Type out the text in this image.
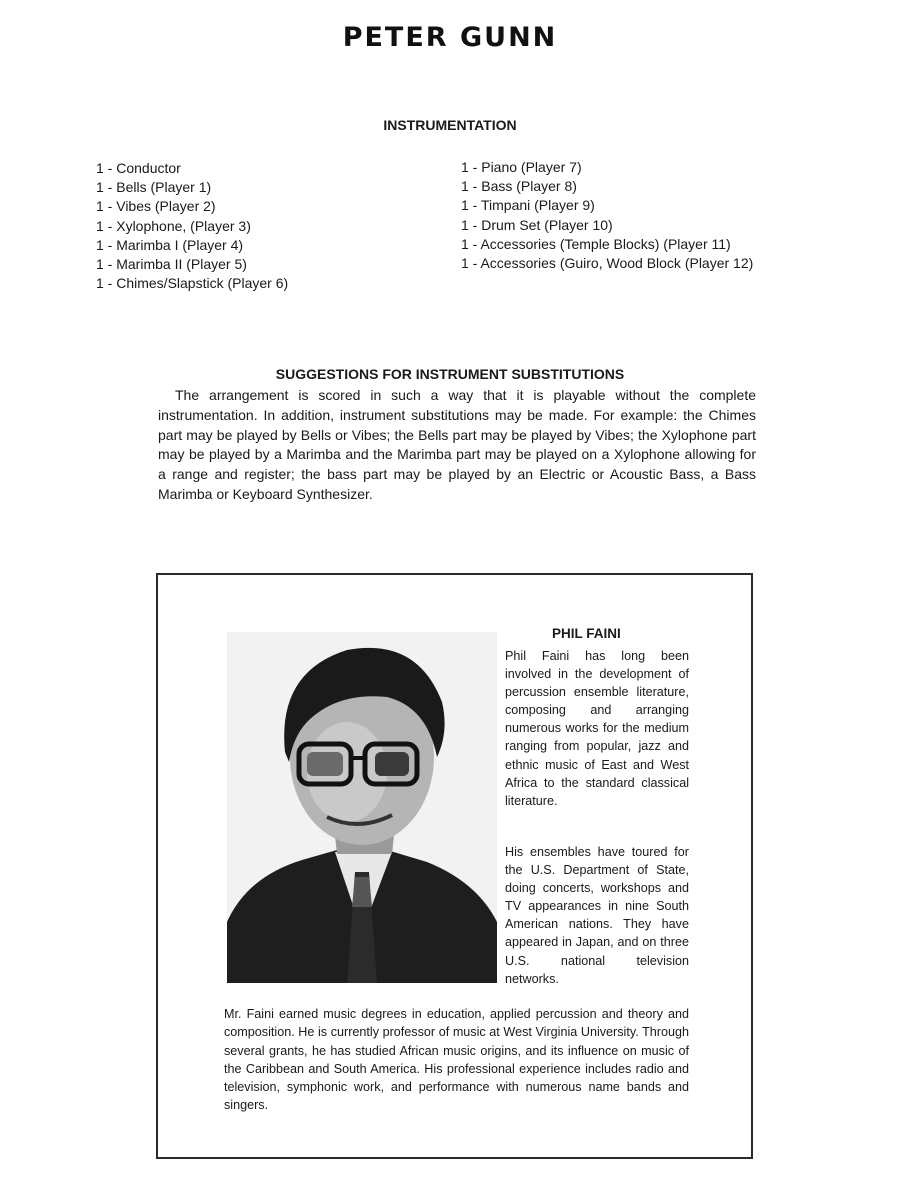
PETER GUNN
INSTRUMENTATION
1 - Conductor
1 - Bells (Player 1)
1 - Vibes (Player 2)
1 - Xylophone, (Player 3)
1 - Marimba I (Player 4)
1 - Marimba II (Player 5)
1 - Chimes/Slapstick (Player 6)
1 - Piano (Player 7)
1 - Bass (Player 8)
1 - Timpani (Player 9)
1 - Drum Set (Player 10)
1 - Accessories (Temple Blocks) (Player 11)
1 - Accessories (Guiro, Wood Block (Player 12)
SUGGESTIONS FOR INSTRUMENT SUBSTITUTIONS

The arrangement is scored in such a way that it is playable without the complete instrumentation. In addition, instrument substitutions may be made. For example: the Chimes part may be played by Bells or Vibes; the Bells part may be played by Vibes; the Xylophone part may be played by a Marimba and the Marimba part may be played on a Xylophone allowing for a range and register; the bass part may be played by an Electric or Acoustic Bass, a Bass Marimba or Keyboard Synthesizer.

PHIL FAINI

Phil Faini has long been involved in the development of percussion ensemble literature, composing and arranging numerous works for the medium ranging from popular, jazz and ethnic music of East and West Africa to the standard classical literature.

His ensembles have toured for the U.S. Department of State, doing concerts, workshops and TV appearances in nine South American nations. They have appeared in Japan, and on three U.S. national television networks.

Mr. Faini earned music degrees in education, applied percussion and theory and composition. He is currently professor of music at West Virginia University. Through several grants, he has studied African music origins, and its influence on music of the Caribbean and South America. His professional experience includes radio and television, symphonic work, and performance with numerous name bands and singers.
